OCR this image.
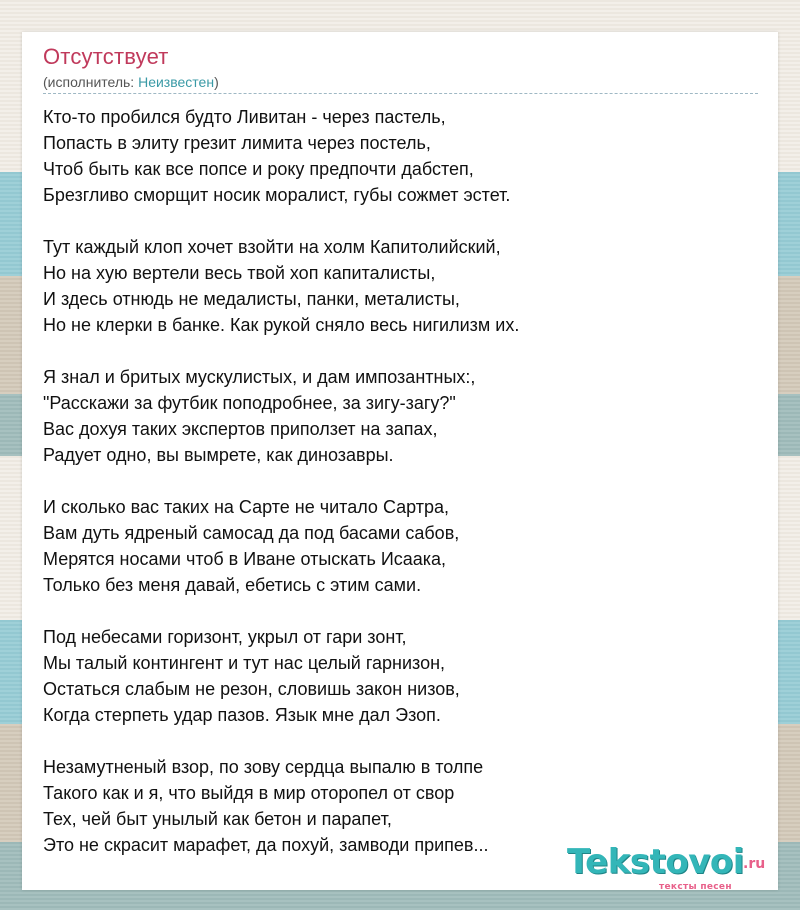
Отсутствует
(исполнитель: Неизвестен)
Кто-то пробился будто Ливитан - через пастель,
Попасть в элиту грезит лимита через постель,
Чтоб быть как все попсе и року предпочти дабстеп,
Брезгливо сморщит носик моралист, губы сожмет эстет.
Тут каждый клоп хочет взойти на холм Капитолийский,
Но на хую вертели весь твой хоп капиталисты,
И здесь отнюдь не медалисты, панки, металисты,
Но не клерки в банке. Как рукой сняло весь нигилизм их.
Я знал и бритых мускулистых, и дам импозантных:,
"Расскажи за футбик поподробнее, за зигу-загу?"
Вас дохуя таких экспертов приползет на запах,
Радует одно, вы вымрете, как динозавры.
И сколько вас таких на Сарте не читало Сартра,
Вам дуть ядреный самосад да под басами сабов,
Мерятся носами чтоб в Иване отыскать Исаака,
Только без меня давай, ебетись с этим сами.
Под небесами горизонт, укрыл от гари зонт,
Мы талый контингент и тут нас целый гарнизон,
Остаться слабым не резон, словишь закон низов,
Когда стерпеть удар пазов. Язык мне дал Эзоп.
Незамутненый взор, по зову сердца выпалю в толпе
Такого как и я, что выйдя в мир оторопел от свор
Тех, чей быт унылый как бетон и парапет,
Это не скрасит марафет, да похуй, замводи припев...	Tekstovoi .ru
тексты песен
